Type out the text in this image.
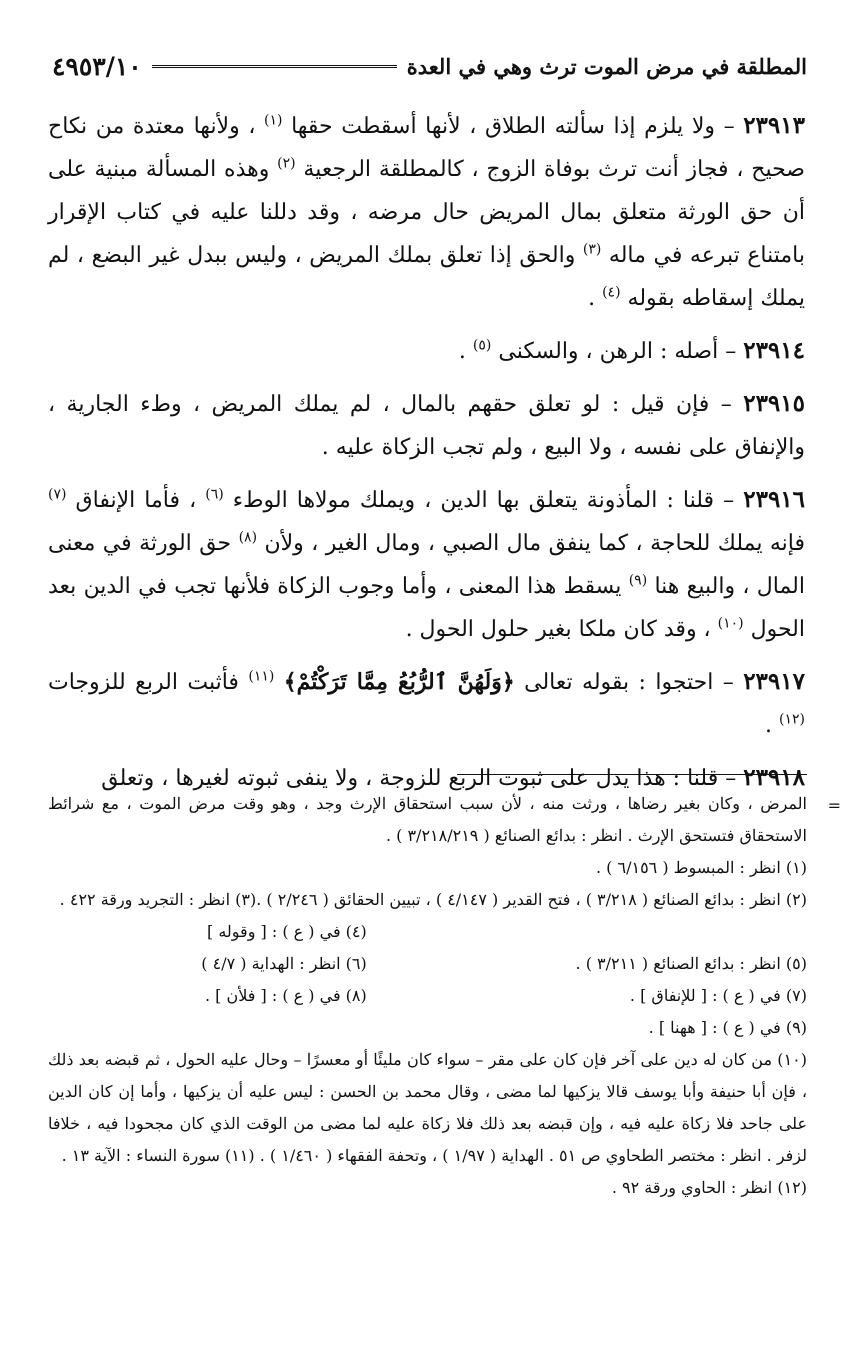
المطلقة في مرض الموت ترث وهي في العدة
٤٩٥٣/١٠

٢٣٩١٣ – ولا يلزم إذا سألته الطلاق ، لأنها أسقطت حقها $^{(١)}$ ، ولأنها معتدة من نكاح صحيح ، فجاز أنت ترث بوفاة الزوج ، كالمطلقة الرجعية $^{(٢)}$ وهذه المسألة مبنية على أن حق الورثة متعلق بمال المريض حال مرضه ، وقد دللنا عليه في كتاب الإقرار بامتناع تبرعه في ماله $^{(٣)}$ والحق إذا تعلق بملك المريض ، وليس ببدل غير البضع ، لم يملك إسقاطه بقوله $^{(٤)}$ .

٢٣٩١٤ – أصله : الرهن ، والسكنى $^{(٥)}$ .

٢٣٩١٥ – فإن قيل : لو تعلق حقهم بالمال ، لم يملك المريض ، وطء الجارية ، والإنفاق على نفسه ، ولا البيع ، ولم تجب الزكاة عليه .

٢٣٩١٦ – قلنا : المأذونة يتعلق بها الدين ، ويملك مولاها الوطء $^{(٦)}$ ، فأما الإنفاق $^{(٧)}$ فإنه يملك للحاجة ، كما ينفق مال الصبي ، ومال الغير ، ولأن $^{(٨)}$ حق الورثة في معنى المال ، والبيع هنا $^{(٩)}$ يسقط هذا المعنى ، وأما وجوب الزكاة فلأنها تجب في الدين بعد الحول $^{(١٠)}$ ، وقد كان ملكا بغير حلول الحول .

٢٣٩١٧ – احتجوا : بقوله تعالى ﴿وَلَهُنَّ ٱلرُّبُعُ مِمَّا تَرَكْتُمْ﴾ $^{(١١)}$ فأثبت الربع للزوجات $^{(١٢)}$ .

٢٣٩١٨ – قلنا : هذا يدل على ثبوت الربع للزوجة ، ولا ينفى ثبوته لغيرها ، وتعلق

=

المرض ، وكان بغير رضاها ، ورثت منه ، لأن سبب استحقاق الإرث وجد ، وهو وقت مرض الموت ، مع شرائط الاستحقاق فتستحق الإرث . انظر : بدائع الصنائع ( ٣/٢١٨/٢١٩ ) .

(١) انظر : المبسوط ( ٦/١٥٦ ) .

(٢) انظر : بدائع الصنائع ( ٣/٢١٨ ) ، فتح القدير ( ٤/١٤٧ ) ، تبيين الحقائق ( ٢/٢٤٦ ) .(٣) انظر : التجريد ورقة ٤٢٢ .

(٤) في ( ع ) : [ وقوله ]
(٥) انظر : بدائع الصنائع ( ٣/٢١١ ) .
(٦) انظر : الهداية ( ٤/٧ )
(٧) في ( ع ) : [ للإنفاق ] .
(٨) في ( ع ) : [ فلأن ] .

(٩) في ( ع ) : [ ههنا ] .

(١٠) من كان له دين على آخر فإن كان على مقر – سواء كان مليئًا أو معسرًا – وحال عليه الحول ، ثم قبضه بعد ذلك ، فإن أبا حنيفة وأبا يوسف قالا يزكيها لما مضى ، وقال محمد بن الحسن : ليس عليه أن يزكيها ، وأما إن كان الدين على جاحد فلا زكاة عليه فيه ، وإن قبضه بعد ذلك فلا زكاة عليه لما مضى من الوقت الذي كان مجحودا فيه ، خلافا لزفر . انظر : مختصر الطحاوي ص ٥١ . الهداية ( ١/٩٧ ) ، وتحفة الفقهاء ( ١/٤٦٠ ) . (١١) سورة النساء : الآية ١٣ .

(١٢) انظر : الحاوي ورقة ٩٢ .
